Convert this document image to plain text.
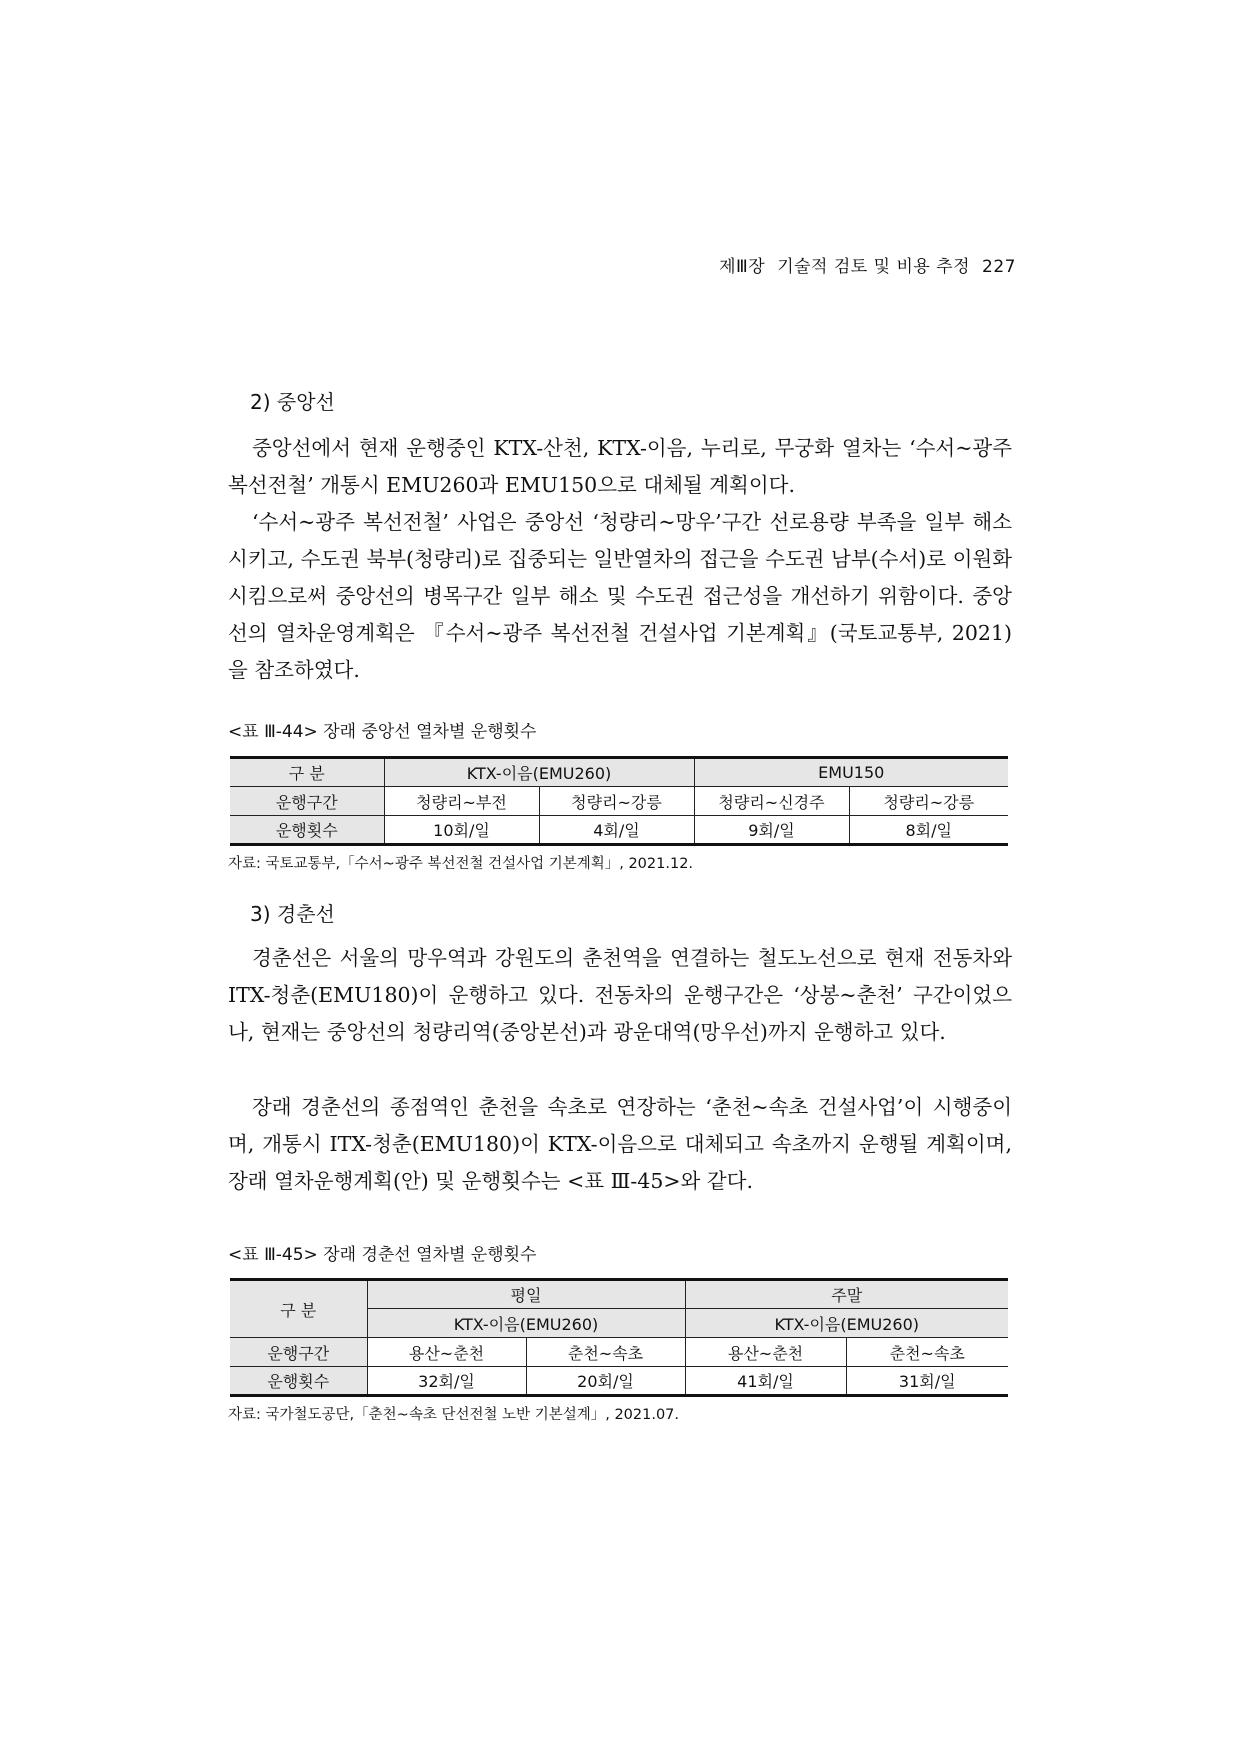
제Ⅲ장 기술적 검토 및 비용 추정 227
2) 중앙선

중앙선에서 현재 운행중인 KTX-산천, KTX-이음, 누리로, 무궁화 열차는 ‘수서~광주 복선전철’ 개통시 EMU260과 EMU150으로 대체될 계획이다.

‘수서~광주 복선전철’ 사업은 중앙선 ‘청량리~망우’구간 선로용량 부족을 일부 해소시키고, 수도권 북부(청량리)로 집중되는 일반열차의 접근을 수도권 남부(수서)로 이원화시킴으로써 중앙선의 병목구간 일부 해소 및 수도권 접근성을 개선하기 위함이다. 중앙선의 열차운영계획은 『수서~광주 복선전철 건설사업 기본계획』(국토교통부, 2021)을 참조하였다.

<표 Ⅲ-44> 장래 중앙선 열차별 운행횟수
구 분	KTX-이음(EMU260)		EMU150	
운행구간	청량리~부전	청량리~강릉	청량리~신경주	청량리~강릉
운행횟수	10회/일	4회/일	9회/일	8회/일
자료: 국토교통부,「수서~광주 복선전철 건설사업 기본계획」, 2021.12.
3) 경춘선

경춘선은 서울의 망우역과 강원도의 춘천역을 연결하는 철도노선으로 현재 전동차와 ITX-청춘(EMU180)이 운행하고 있다. 전동차의 운행구간은 ‘상봉~춘천’ 구간이었으나, 현재는 중앙선의 청량리역(중앙본선)과 광운대역(망우선)까지 운행하고 있다.

장래 경춘선의 종점역인 춘천을 속초로 연장하는 ‘춘천~속초 건설사업’이 시행중이며, 개통시 ITX-청춘(EMU180)이 KTX-이음으로 대체되고 속초까지 운행될 계획이며, 장래 열차운행계획(안) 및 운행횟수는 <표 Ⅲ-45>와 같다.

<표 Ⅲ-45> 장래 경춘선 열차별 운행횟수
구 분	평일		주말	
	KTX-이음(EMU260)		KTX-이음(EMU260)	
운행구간	용산~춘천	춘천~속초	용산~춘천	춘천~속초
운행횟수	32회/일	20회/일	41회/일	31회/일
자료: 국가철도공단,「춘천~속초 단선전철 노반 기본설계」, 2021.07.
